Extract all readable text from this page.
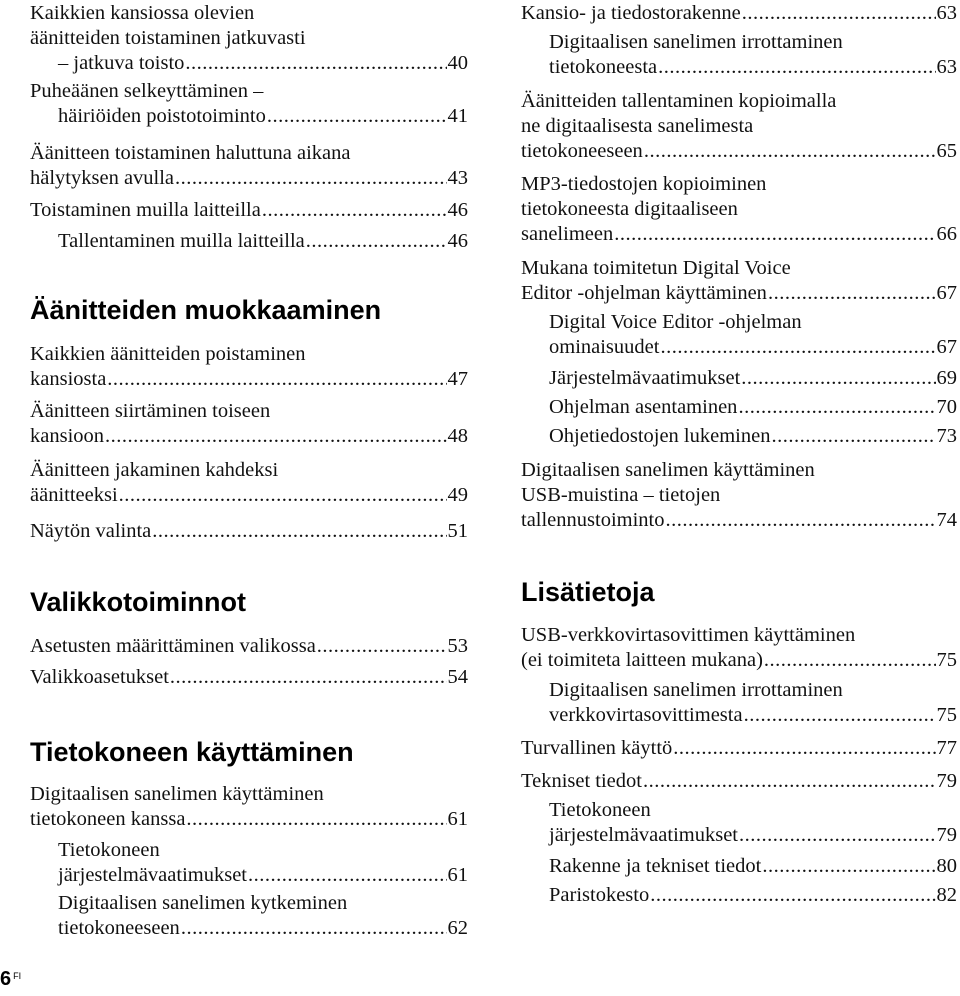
Kaikkien kansiossa olevien
äänitteiden toistaminen jatkuvasti
– jatkuva toisto .....	40
Puheäänen selkeyttäminen –
häiriöiden poistotoiminto .....	41
Äänitteen toistaminen haluttuna aikana
hälytyksen avulla .....	43
Toistaminen muilla laitteilla .....	46
Tallentaminen muilla laitteilla .....	46
Äänitteiden muokkaaminen
Kaikkien äänitteiden poistaminen
kansiosta .....	47
Äänitteen siirtäminen toiseen
kansioon .....	48
Äänitteen jakaminen kahdeksi
äänitteeksi .....	49
Näytön valinta .....	51
Valikkotoiminnot
Asetusten määrittäminen valikossa .....	53
Valikkoasetukset .....	54
Tietokoneen käyttäminen
Digitaalisen sanelimen käyttäminen
tietokoneen kanssa .....	61
Tietokoneen
järjestelmävaatimukset .....	61
Digitaalisen sanelimen kytkeminen
tietokoneeseen .....	62
Kansio- ja tiedostorakenne .....	63
Digitaalisen sanelimen irrottaminen
tietokoneesta .....	63
Äänitteiden tallentaminen kopioimalla
ne digitaalisesta sanelimesta
tietokoneeseen .....	65
MP3-tiedostojen kopioiminen
tietokoneesta digitaaliseen
sanelimeen .....	66
Mukana toimitetun Digital Voice
Editor -ohjelman käyttäminen .....	67
Digital Voice Editor -ohjelman
ominaisuudet .....	67
Järjestelmävaatimukset .....	69
Ohjelman asentaminen .....	70
Ohjetiedostojen lukeminen .....	73
Digitaalisen sanelimen käyttäminen
USB-muistina – tietojen
tallennustoiminto .....	74
Lisätietoja
USB-verkkovirtasovittimen käyttäminen
(ei toimiteta laitteen mukana) .....	75
Digitaalisen sanelimen irrottaminen
verkkovirtasovittimesta .....	75
Turvallinen käyttö .....	77
Tekniset tiedot .....	79
Tietokoneen
järjestelmävaatimukset .....	79
Rakenne ja tekniset tiedot .....	80
Paristokesto .....	82
6 $^{FI}$
